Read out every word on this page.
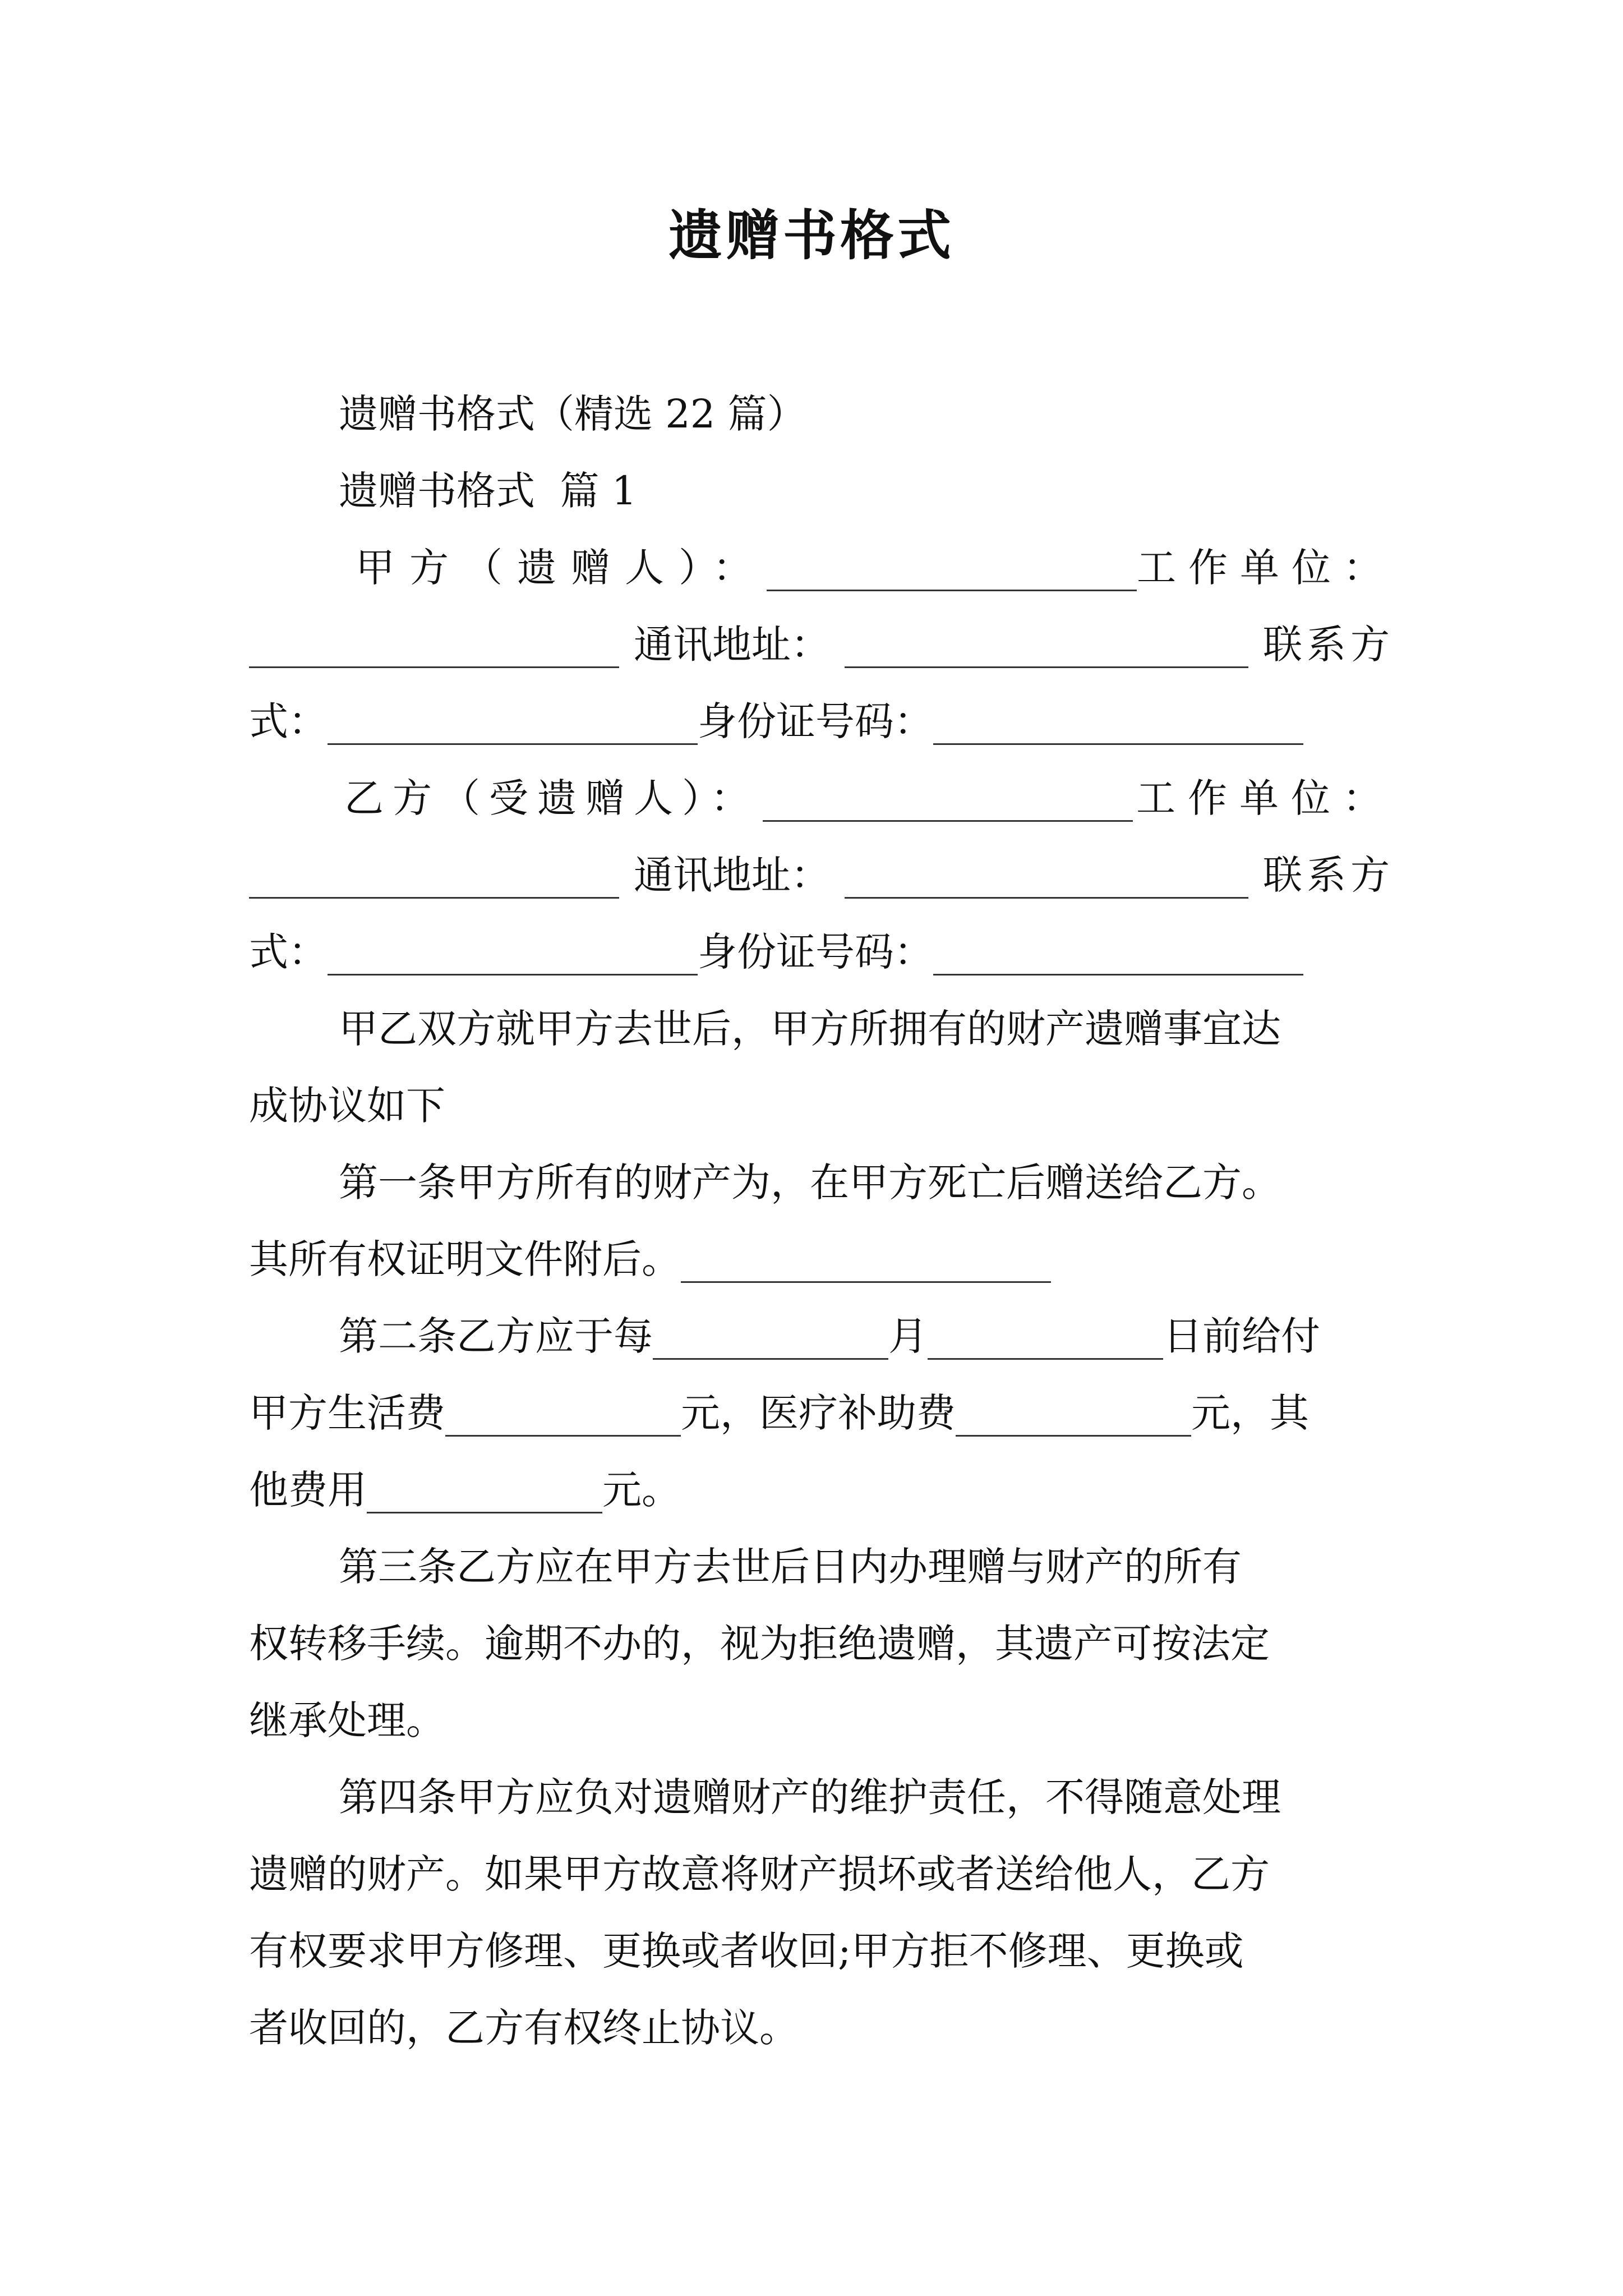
遗赠书格式
遗赠书格式（精选 22 篇）
遗赠书格式  篇 1
甲方（遗赠人）：	工作单位：
通讯地址：	联系方
式：	身份证号码：
乙方（受遗赠人）：	工作单位：
通讯地址：	联系方
式：	身份证号码：
甲乙双方就甲方去世后，甲方所拥有的财产遗赠事宜达
成协议如下
第一条甲方所有的财产为，在甲方死亡后赠送给乙方。
其所有权证明文件附后。
第二条乙方应于每	月	日前给付
甲方生活费	元，医疗补助费	元，其
他费用	元。
第三条乙方应在甲方去世后日内办理赠与财产的所有
权转移手续。逾期不办的，视为拒绝遗赠，其遗产可按法定
继承处理。
第四条甲方应负对遗赠财产的维护责任，不得随意处理
遗赠的财产。如果甲方故意将财产损坏或者送给他人，乙方
有权要求甲方修理、更换或者收回;甲方拒不修理、更换或
者收回的，乙方有权终止协议。
